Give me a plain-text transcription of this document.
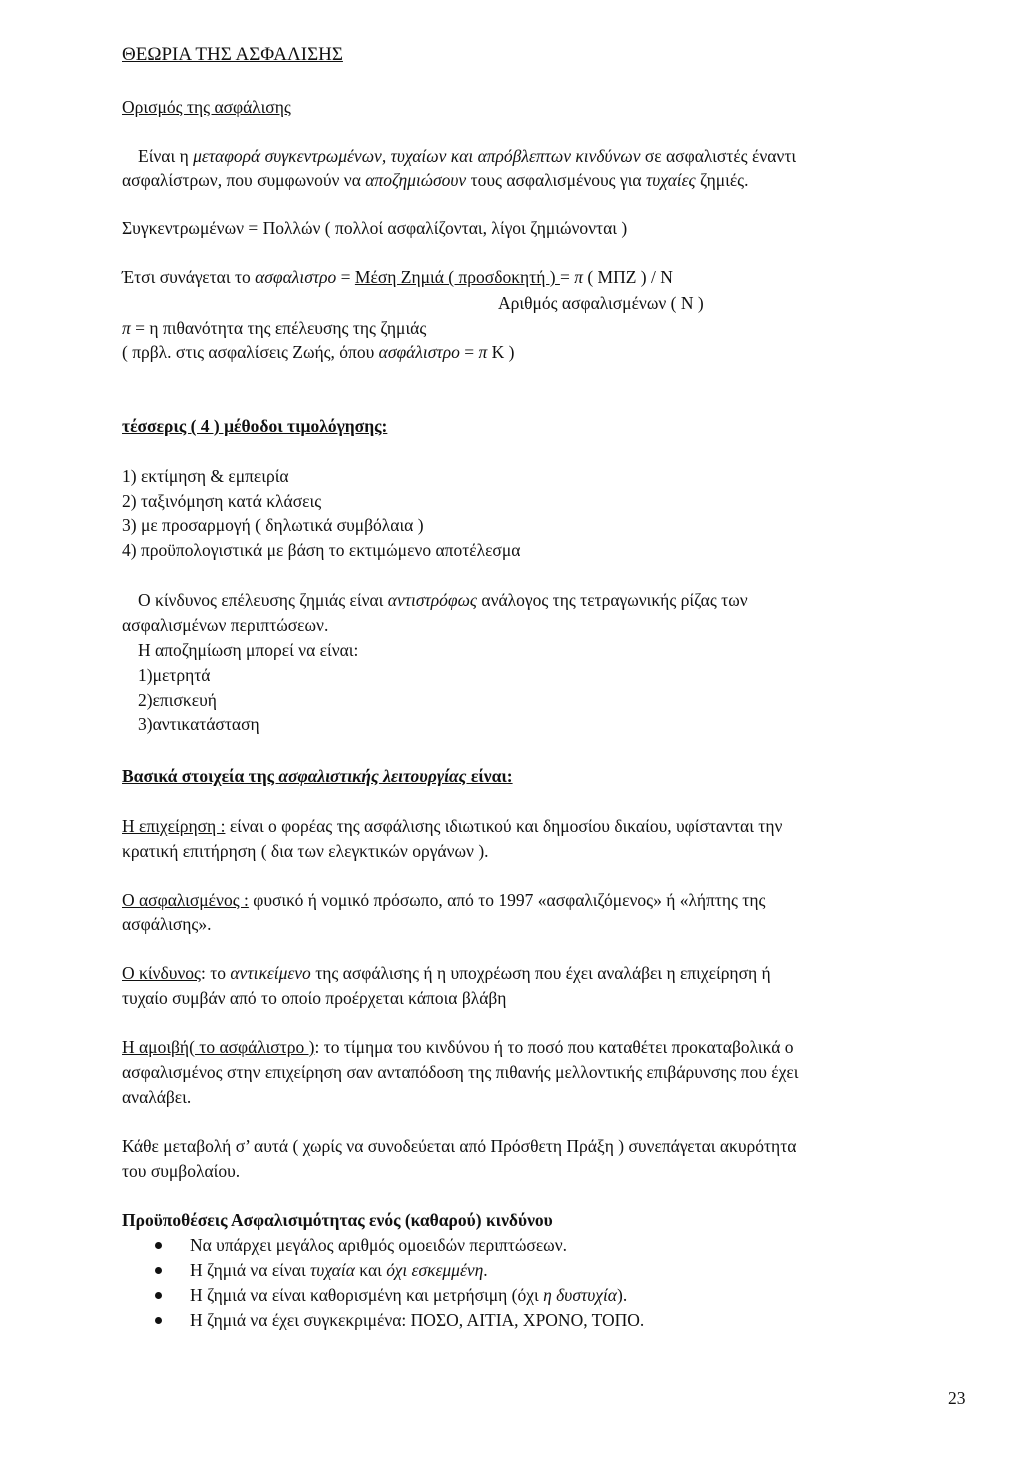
ΘΕΩΡΙΑ ΤΗΣ ΑΣΦΑΛΙΣΗΣ
Ορισμός της ασφάλισης
Είναι η μεταφορά συγκεντρωμένων, τυχαίων και απρόβλεπτων κινδύνων σε ασφαλιστές έναντι
ασφαλίστρων, που συμφωνούν να αποζημιώσουν τους ασφαλισμένους για τυχαίες ζημιές.
Συγκεντρωμένων = Πολλών ( πολλοί ασφαλίζονται, λίγοι ζημιώνονται )
Έτσι συνάγεται το ασφαλιστρο = Μέση Ζημιά ( προσδοκητή ) = π ( ΜΠΖ ) / Ν
Αριθμός ασφαλισμένων ( Ν )
π = η πιθανότητα της επέλευσης της ζημιάς
( πρβλ. στις ασφαλίσεις Ζωής, όπου ασφάλιστρο = π Κ )
τέσσερις ( 4 ) μέθοδοι τιμολόγησης:
1) εκτίμηση & εμπειρία
2) ταξινόμηση κατά κλάσεις
3) με προσαρμογή ( δηλωτικά συμβόλαια )
4) προϋπολογιστικά με βάση το εκτιμώμενο αποτέλεσμα
Ο κίνδυνος επέλευσης ζημιάς είναι αντιστρόφως ανάλογος της τετραγωνικής ρίζας των
ασφαλισμένων περιπτώσεων.
Η αποζημίωση μπορεί να είναι:
1)μετρητά
2)επισκευή
3)αντικατάσταση
Βασικά στοιχεία της ασφαλιστικής λειτουργίας είναι:
Η επιχείρηση : είναι ο φορέας της ασφάλισης ιδιωτικού και δημοσίου δικαίου, υφίστανται την
κρατική επιτήρηση ( δια των ελεγκτικών οργάνων ).
Ο ασφαλισμένος : φυσικό ή νομικό πρόσωπο, από το 1997 «ασφαλιζόμενος» ή «λήπτης της
ασφάλισης».
Ο κίνδυνος: το αντικείμενο της ασφάλισης ή η υποχρέωση που έχει αναλάβει η επιχείρηση ή
τυχαίο συμβάν από το οποίο προέρχεται κάποια βλάβη
Η αμοιβή( το ασφάλιστρο ): το τίμημα του κινδύνου ή το ποσό που καταθέτει προκαταβολικά ο
ασφαλισμένος στην επιχείρηση σαν ανταπόδοση της πιθανής μελλοντικής επιβάρυνσης που έχει
αναλάβει.
Κάθε μεταβολή σ’ αυτά ( χωρίς να συνοδεύεται από Πρόσθετη Πράξη ) συνεπάγεται ακυρότητα
του συμβολαίου.
Προϋποθέσεις Ασφαλισιμότητας ενός (καθαρού) κινδύνου
Να υπάρχει μεγάλος αριθμός ομοειδών περιπτώσεων.
Η ζημιά να είναι τυχαία και όχι εσκεμμένη.
Η ζημιά να είναι καθορισμένη και μετρήσιμη (όχι η δυστυχία).
Η ζημιά να έχει συγκεκριμένα: ΠΟΣΟ, ΑΙΤΙΑ, ΧΡΟΝΟ, ΤΟΠΟ.
23
